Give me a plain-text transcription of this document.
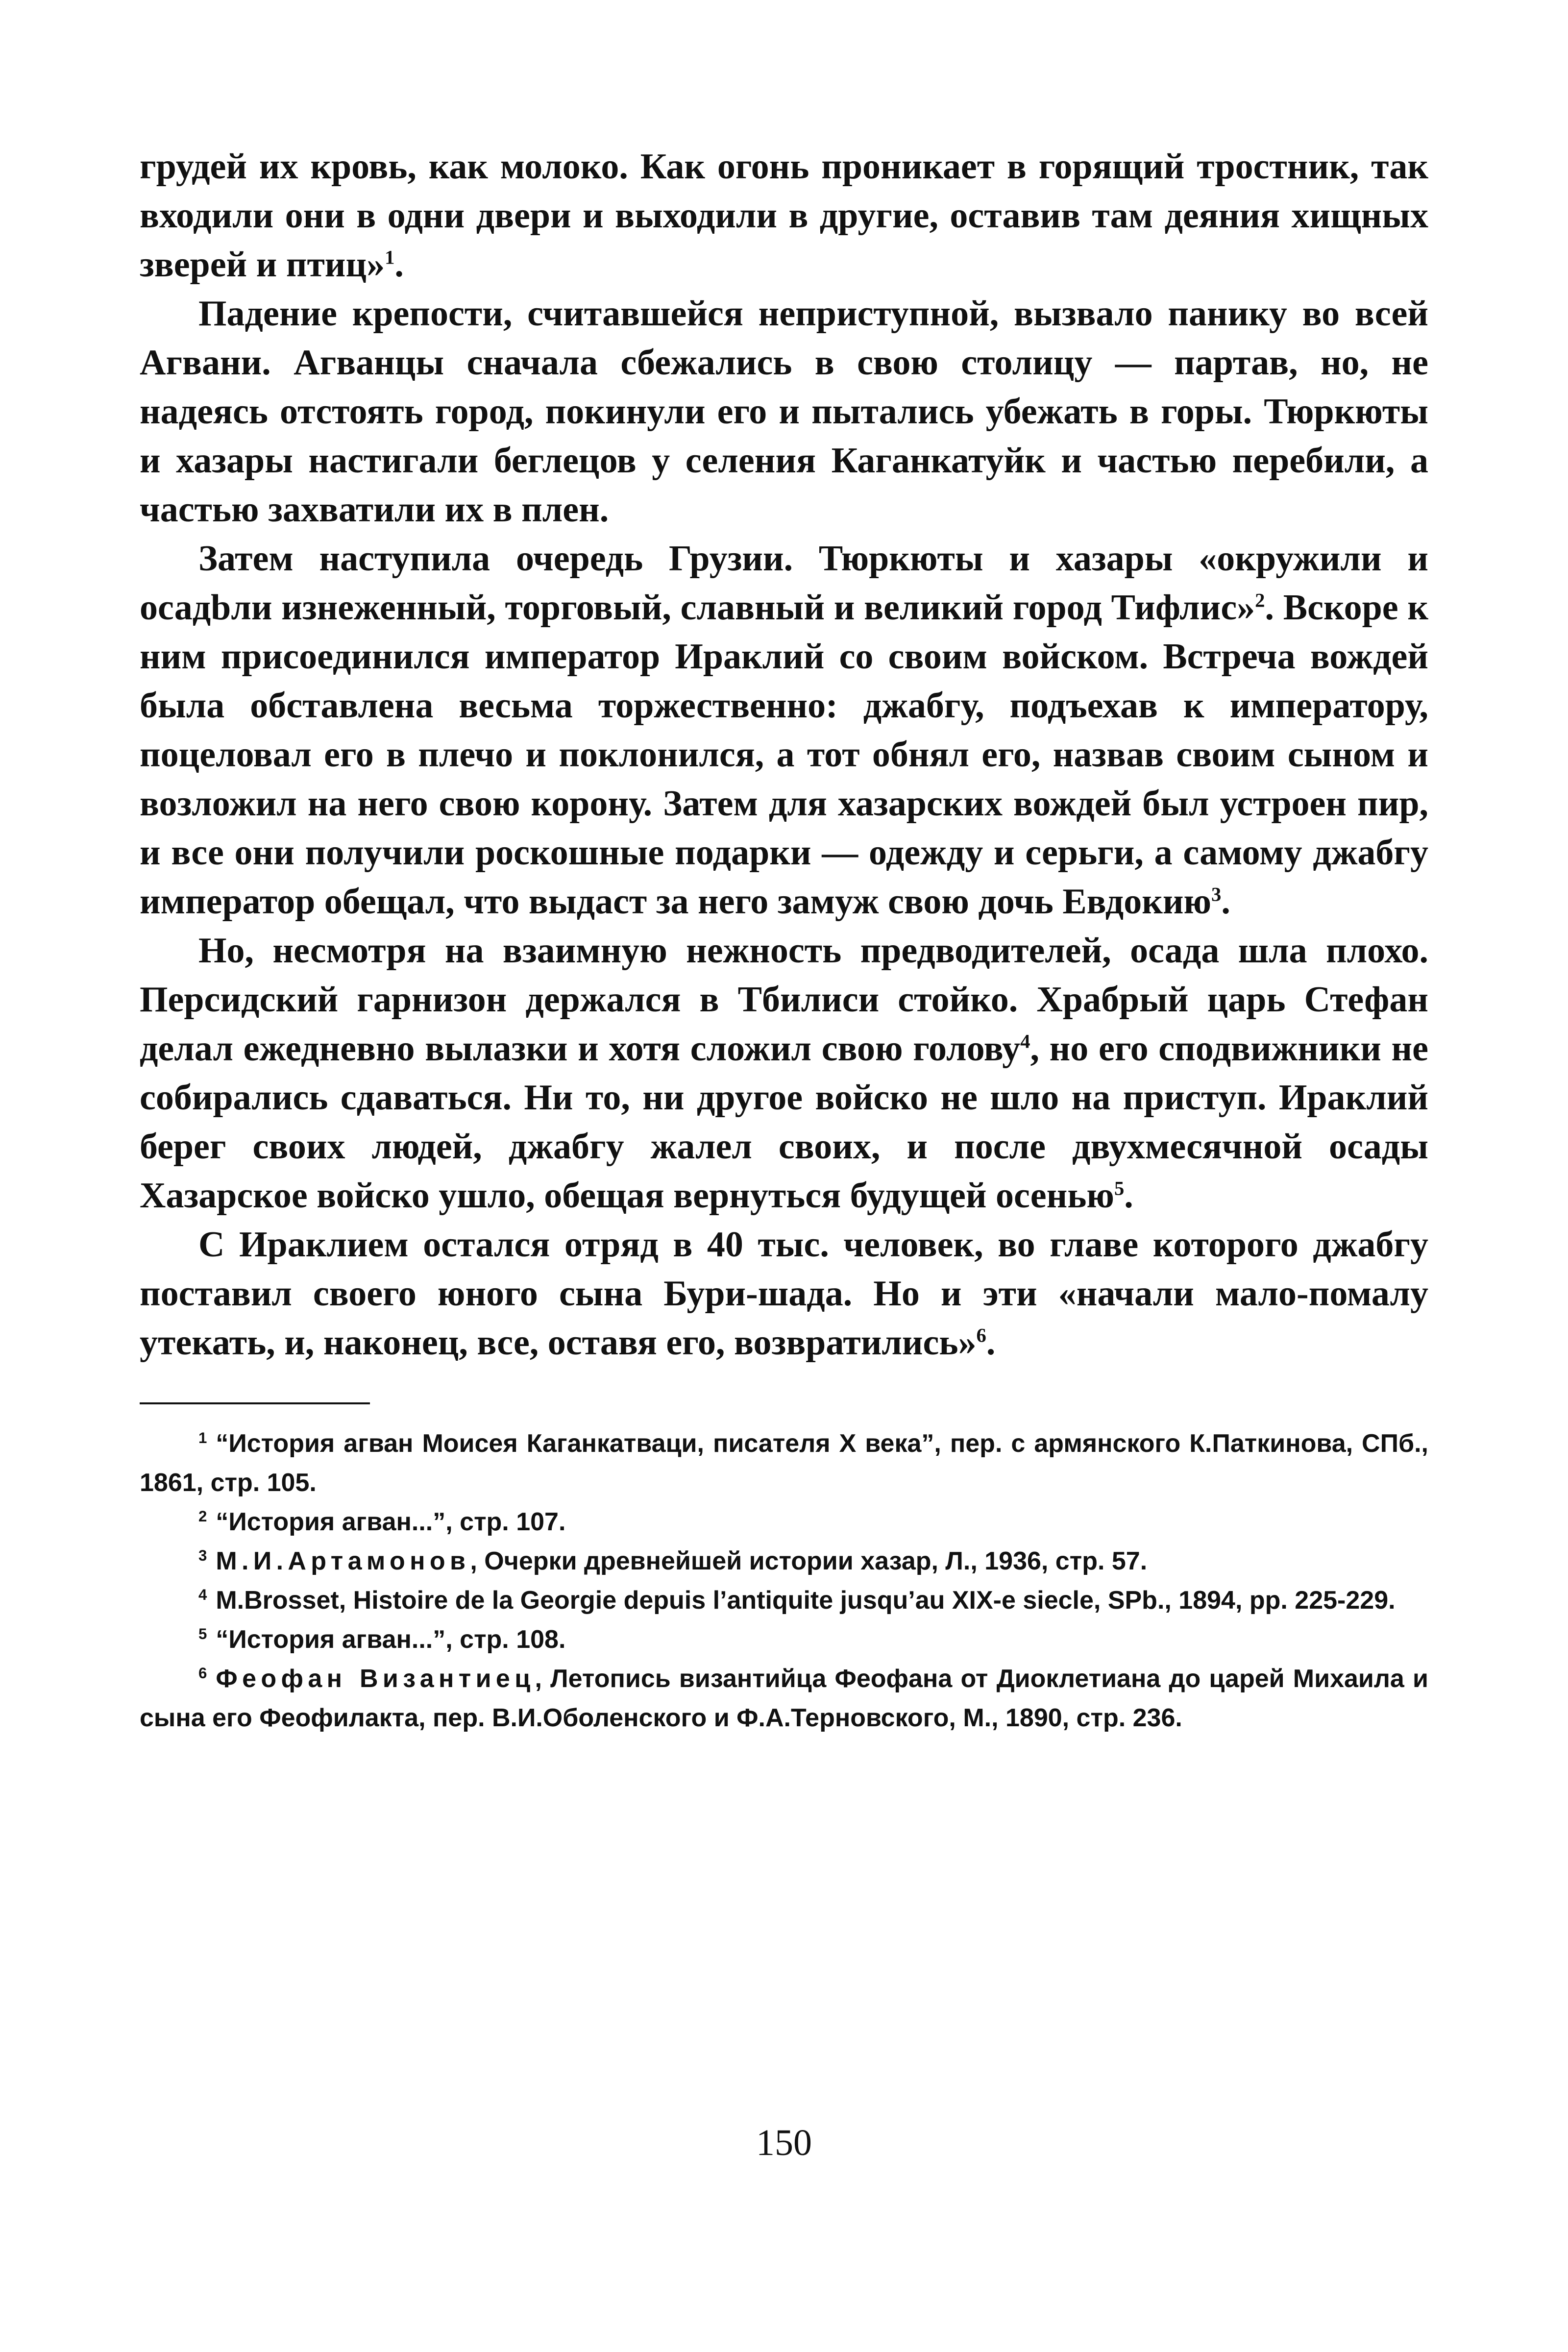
грудей их кровь, как молоко. Как огонь проникает в горящий тростник, так входили они в одни двери и выходили в другие, оставив там деяния хищных зверей и птиц»$^1$.

Падение крепости, считавшейся неприступной, вызвало панику во всей Агвани. Агванцы сначала сбежались в свою столицу — партав, но, не надеясь отстоять город, покинули его и пытались убежать в горы. Тюркюты и хазары настигали беглецов у селения Каганкатуйк и частью перебили, а частью захватили их в плен.

Затем наступила очередь Грузии. Тюркюты и хазары «окружили и осадbли изнеженный, торговый, славный и великий город Тифлис»$^2$. Вскоре к ним присоединился император Ираклий со своим войском. Встреча вождей была обставлена весьма торжественно: джабгу, подъехав к императору, поцеловал его в плечо и поклонился, а тот обнял его, назвав своим сыном и возложил на него свою корону. Затем для хазарских вождей был устроен пир, и все они получили роскошные подарки — одежду и серьги, а самому джабгу император обещал, что выдаст за него замуж свою дочь Евдокию$^3$.

Но, несмотря на взаимную нежность предводителей, осада шла плохо. Персидский гарнизон держался в Тбилиси стойко. Храбрый царь Стефан делал ежедневно вылазки и хотя сложил свою голову$^4$, но его сподвижники не собирались сдаваться. Ни то, ни другое войско не шло на приступ. Ираклий берег своих людей, джабгу жалел своих, и после двухмесячной осады Хазарское войско ушло, обещая вернуться будущей осенью$^5$.

С Ираклием остался отряд в 40 тыс. человек, во главе которого джабгу поставил своего юного сына Бури-шада. Но и эти «начали мало-помалу утекать, и, наконец, все, оставя его, возвратились»$^6$.

$^1$ “История агван Моисея Каганкатваци, писателя X века”, пер. с армянского К.Паткинова, СПб., 1861, стр. 105.

$^2$ “История агван...”, стр. 107.

$^3$ М.И.Артамонов, Очерки древнейшей истории хазар, Л., 1936, стр. 57.

$^4$ M.Brosset, Histoire de la Georgie depuis l’antiquite jusqu’au XIX-e siecle, SPb., 1894, pp. 225-229.

$^5$ “История агван...”, стр. 108.

$^6$ Феофан Византиец, Летопись византийца Феофана от Диоклетиана до царей Михаила и сына его Феофилакта, пер. В.И.Оболенского и Ф.А.Терновского, М., 1890, стр. 236.

150
